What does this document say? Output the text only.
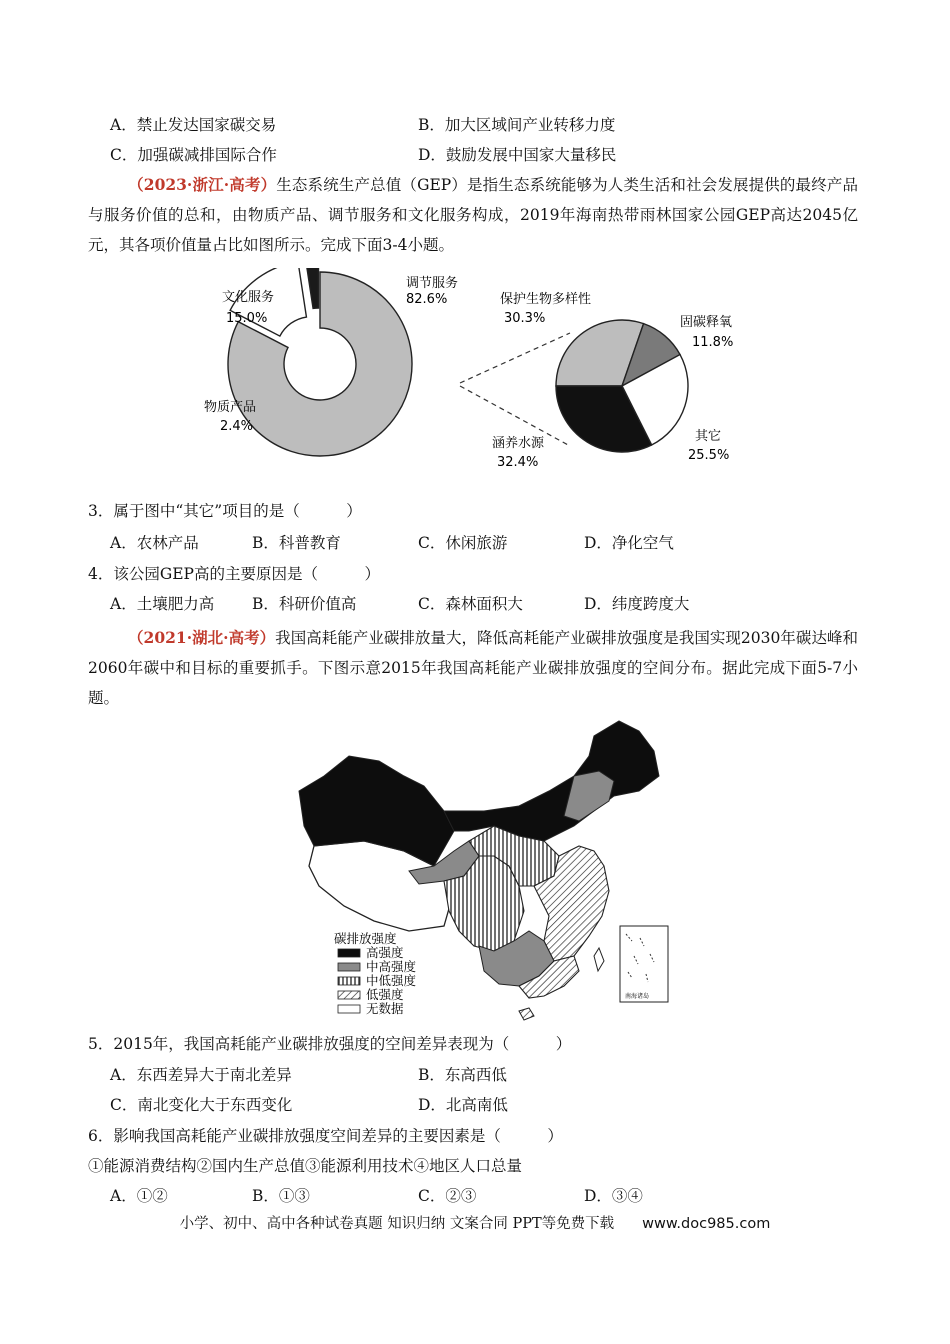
A．禁止发达国家碳交易	B．加大区域间产业转移力度
C．加强碳减排国际合作	D．鼓励发展中国家大量移民
（2023·浙江·高考）生态系统生产总值（GEP）是指生态系统能够为人类生活和社会发展提供的最终产品与服务价值的总和，由物质产品、调节服务和文化服务构成，2019年海南热带雨林国家公园GEP高达2045亿元，其各项价值量占比如图所示。完成下面3-4小题。
调节服务
82.6%
文化服务
15.0%
物质产品
2.4%
保护生物多样性
30.3%	固碳释氧
11.8%
其它
25.5%
涵养水源
32.4%
3．属于图中“其它”项目的是（　　　）
A．农林产品	B．科普教育	C．休闲旅游	D．净化空气
4．该公园GEP高的主要原因是（　　　）
A．土壤肥力高 B．科研价值高	C．森林面积大	D．纬度跨度大
（2021·湖北·高考）我国高耗能产业碳排放量大，降低高耗能产业碳排放强度是我国实现2030年碳达峰和2060年碳中和目标的重要抓手。下图示意2015年我国高耗能产业碳排放强度的空间分布。据此完成下面5-7小题。
碳排放强度
高强度
中高强度
中低强度
低强度
无数据
南海诸岛
5．2015年，我国高耗能产业碳排放强度的空间差异表现为（　　　）
A．东西差异大于南北差异	B．东高西低
C．南北变化大于东西变化	D．北高南低
6．影响我国高耗能产业碳排放强度空间差异的主要因素是（　　　）
①能源消费结构②国内生产总值③能源利用技术④地区人口总量
A．①②	B．①③	C．②③	D．③④
小学、初中、高中各种试卷真题 知识归纳 文案合同 PPT等免费下载 www.doc985.com
